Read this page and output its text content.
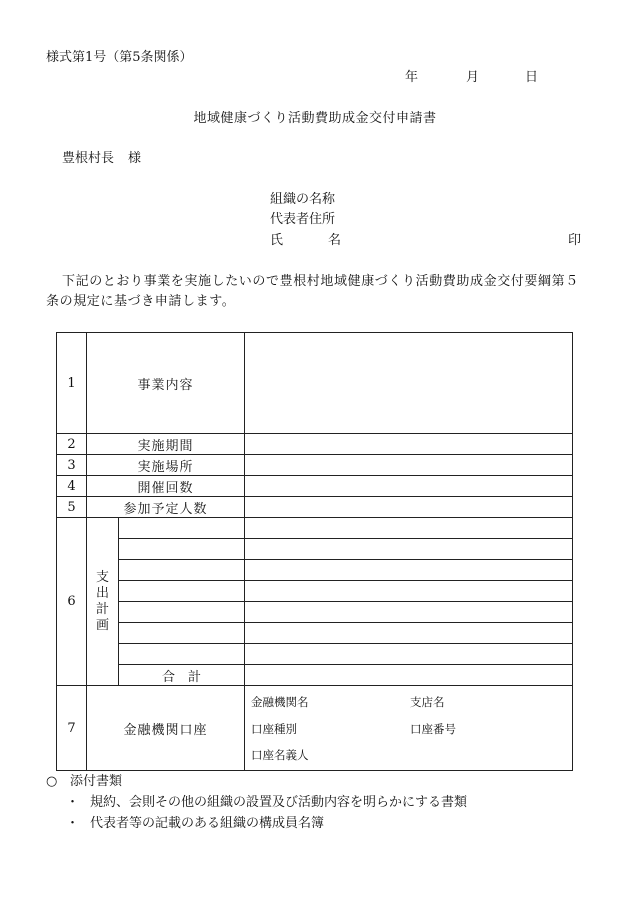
様式第1号（第5条関係）
年	月	日
地域健康づくり活動費助成金交付申請書
豊根村長 様
組織の名称
代表者住所
氏	名	印
下記のとおり事業を実施したいので豊根村地域健康づくり活動費助成金交付要綱第５条の規定に基づき申請します。
1	事業内容		
2	実施期間		
3	実施場所		
4	開催回数		
5	参加予定人数		
6	支出計画		

		合　計	
7	金融機関口座		金融機関名 支店名
口座種別 口座番号
口座名義人
○ 添付書類
・ 規約、会則その他の組織の設置及び活動内容を明らかにする書類
・ 代表者等の記載のある組織の構成員名簿
